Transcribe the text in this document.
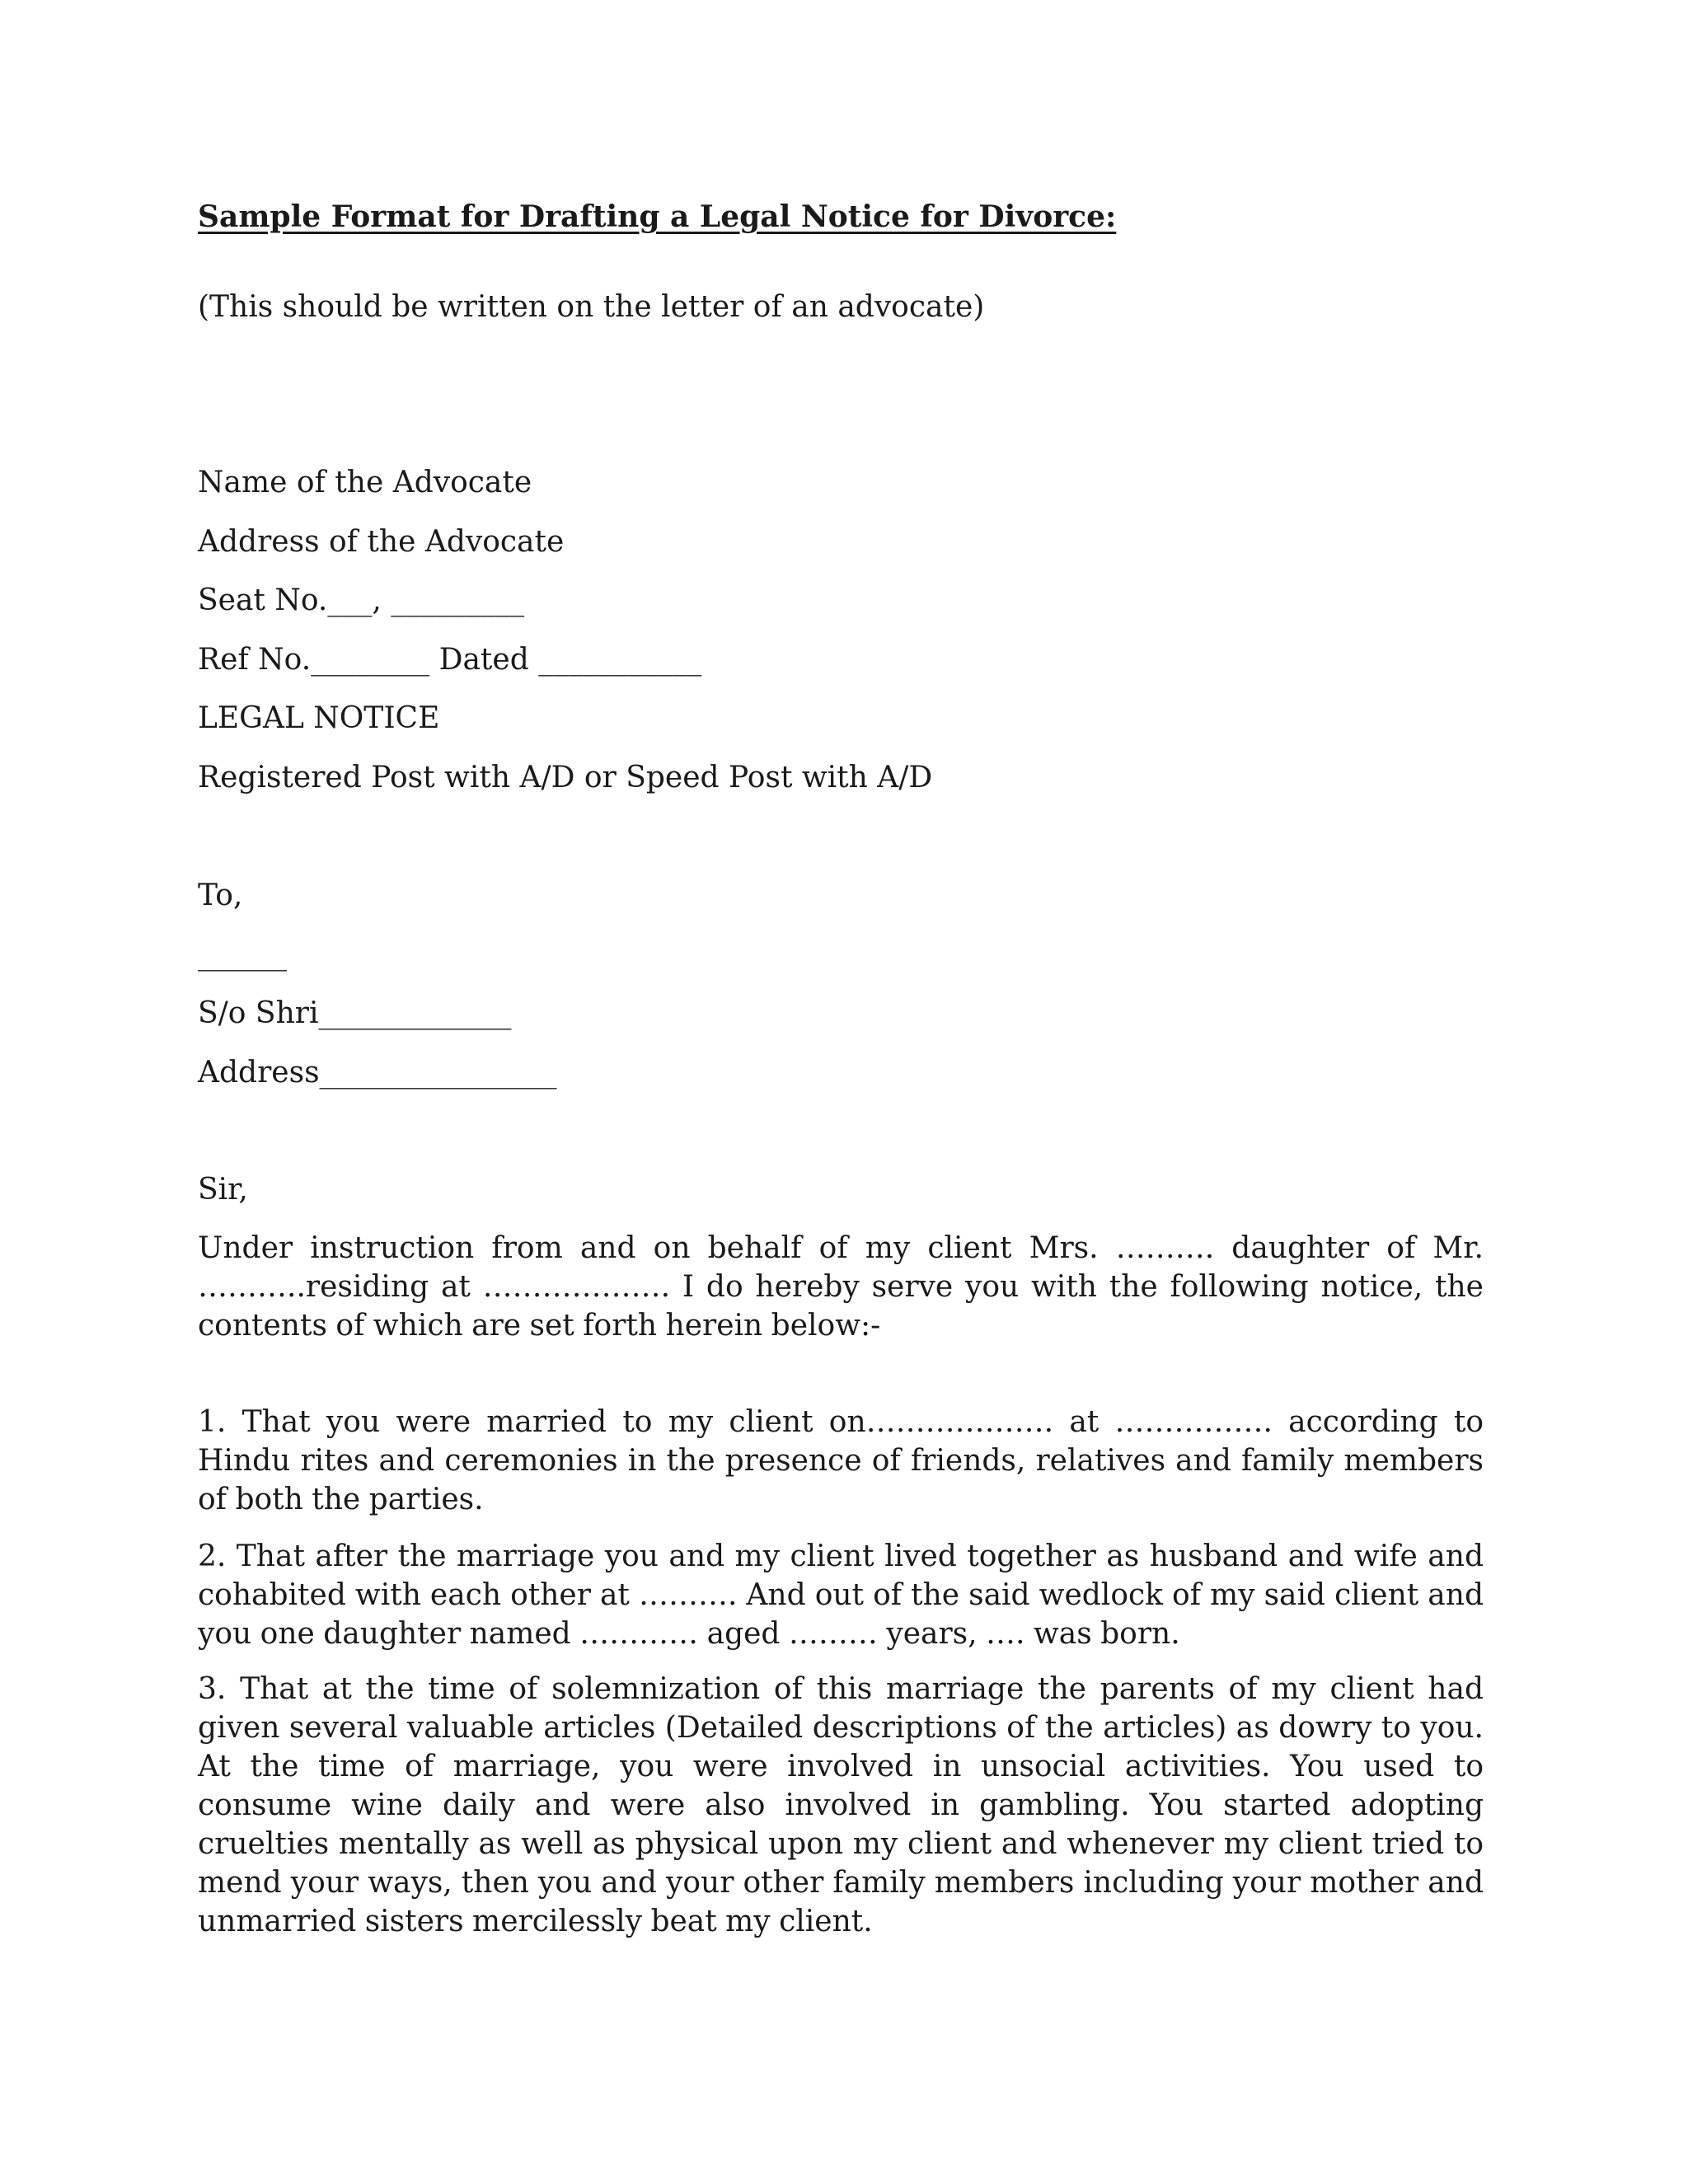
Sample Format for Drafting a Legal Notice for Divorce:

(This should be written on the letter of an advocate)

Name of the Advocate

Address of the Advocate

Seat No.___, _________

Ref No.________ Dated ___________

LEGAL NOTICE

Registered Post with A/D or Speed Post with A/D

To,

______

S/o Shri_____________

Address________________

Sir,

Under instruction from and on behalf of my client Mrs. ………. daughter of Mr. ………..residing at ………………. I do hereby serve you with the following notice, the contents of which are set forth herein below:-

1. That you were married to my client on………………. at ……………. according to Hindu rites and ceremonies in the presence of friends, relatives and family members of both the parties.

2. That after the marriage you and my client lived together as husband and wife and cohabited with each other at ………. And out of the said wedlock of my said client and you one daughter named ………… aged ……… years, …. was born.

3. That at the time of solemnization of this marriage the parents of my client had given several valuable articles (Detailed descriptions of the articles) as dowry to you. At the time of marriage, you were involved in unsocial activities. You used to consume wine daily and were also involved in gambling. You started adopting cruelties mentally as well as physical upon my client and whenever my client tried to mend your ways, then you and your other family members including your mother and unmarried sisters mercilessly beat my client.
